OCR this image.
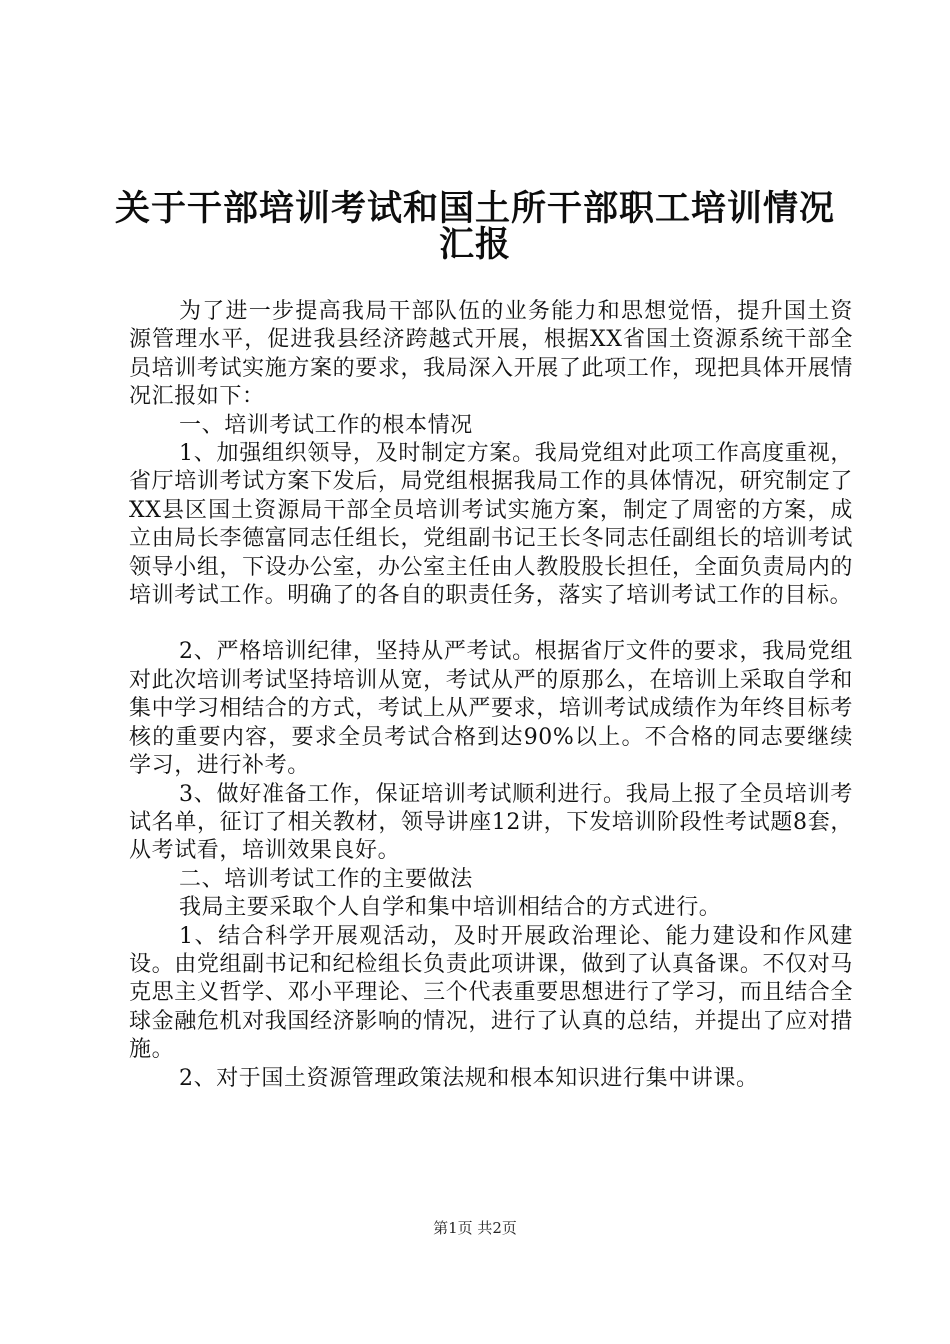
关于干部培训考试和国土所干部职工培训情况
汇报

为了进一步提高我局干部队伍的业务能力和思想觉悟，提升国土资源管理水平，促进我县经济跨越式开展，根据XX省国土资源系统干部全员培训考试实施方案的要求，我局深入开展了此项工作，现把具体开展情况汇报如下：

一、培训考试工作的根本情况

1、加强组织领导，及时制定方案。我局党组对此项工作高度重视，省厅培训考试方案下发后，局党组根据我局工作的具体情况，研究制定了XX县区国土资源局干部全员培训考试实施方案，制定了周密的方案，成立由局长李德富同志任组长，党组副书记王长冬同志任副组长的培训考试领导小组，下设办公室，办公室主任由人教股股长担任，全面负责局内的培训考试工作。明确了的各自的职责任务，落实了培训考试工作的目标。

2、严格培训纪律，坚持从严考试。根据省厅文件的要求，我局党组对此次培训考试坚持培训从宽，考试从严的原那么，在培训上采取自学和集中学习相结合的方式，考试上从严要求，培训考试成绩作为年终目标考核的重要内容，要求全员考试合格到达90%以上。不合格的同志要继续学习，进行补考。

3、做好准备工作，保证培训考试顺利进行。我局上报了全员培训考试名单，征订了相关教材，领导讲座12讲，下发培训阶段性考试题8套，从考试看，培训效果良好。

二、培训考试工作的主要做法

我局主要采取个人自学和集中培训相结合的方式进行。

1、结合科学开展观活动，及时开展政治理论、能力建设和作风建设。由党组副书记和纪检组长负责此项讲课，做到了认真备课。不仅对马克思主义哲学、邓小平理论、三个代表重要思想进行了学习，而且结合全球金融危机对我国经济影响的情况，进行了认真的总结，并提出了应对措施。

2、对于国土资源管理政策法规和根本知识进行集中讲课。

第1页 共2页
